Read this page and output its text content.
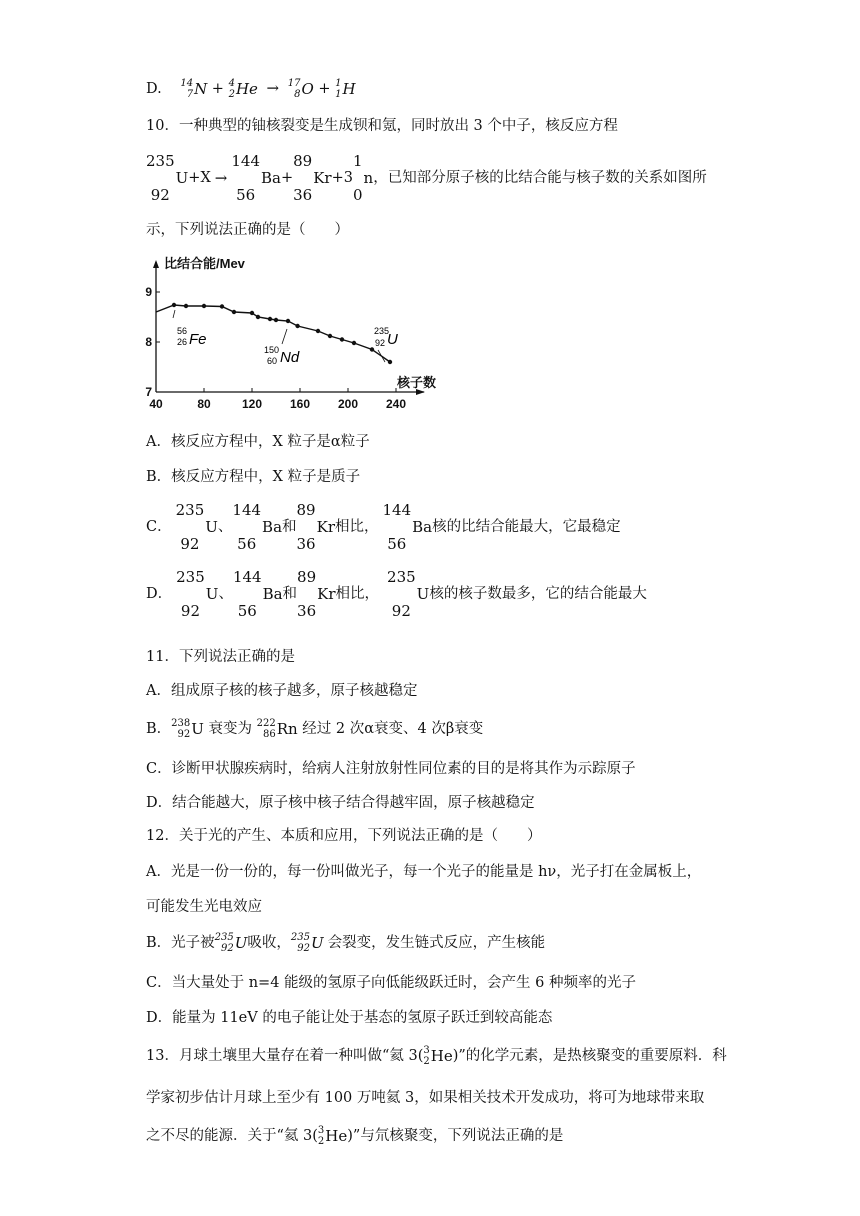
D. 14
7 N + 4
2 He → 17
8 O + 1
1 H
10．一种典型的铀核裂变是生成钡和氪，同时放出 3 个中子，核反应方程
235
92
U +X →
144
56
Ba +
89
36
Kr +3
1
0
n ，已知部分原子核的比结合能与核子数的关系如图所
示，下列说法正确的是（　　）
40	80	120 160 200 240
7
8
9
比结合能/Mev
核子数
56
26 Fe
150
60 Nd
235
92 U
A．核反应方程中，X 粒子是α粒子
B．核反应方程中，X 粒子是质子
C．
235
92
U 、
144
56
Ba 和
89
36
Kr 相比，
144
56
Ba 核的比结合能最大，它最稳定
D．
235
92
U 、
144
56
Ba 和
89
36
Kr 相比，
235
92
U 核的核子数最多，它的结合能最大
11．下列说法正确的是
A．组成原子核的核子越多，原子核越稳定
B． 238
92 U 衰变为 222
86 Rn 经过 2 次α衰变、4 次β衰变
C．诊断甲状腺疾病时，给病人注射放射性同位素的目的是将其作为示踪原子
D．结合能越大，原子核中核子结合得越牢固，原子核越稳定
12．关于光的产生、本质和应用，下列说法正确的是（　　）
A．光是一份一份的，每一份叫做光子，每一个光子的能量是 hν，光子打在金属板上，
可能发生光电效应
B．光子被 235
92 U 吸收， 235
92 U 会裂变，发生链式反应，产生核能
C．当大量处于 n=4 能级的氢原子向低能级跃迁时，会产生 6 种频率的光子
D．能量为 11eV 的电子能让处于基态的氢原子跃迁到较高能态
13．月球土壤里大量存在着一种叫做“氦 3( 3
2 He )”的化学元素，是热核聚变的重要原料．科
学家初步估计月球上至少有 100 万吨氦 3，如果相关技术开发成功，将可为地球带来取
之不尽的能源．关于“氦 3( 3
2 He )”与氘核聚变，下列说法正确的是
